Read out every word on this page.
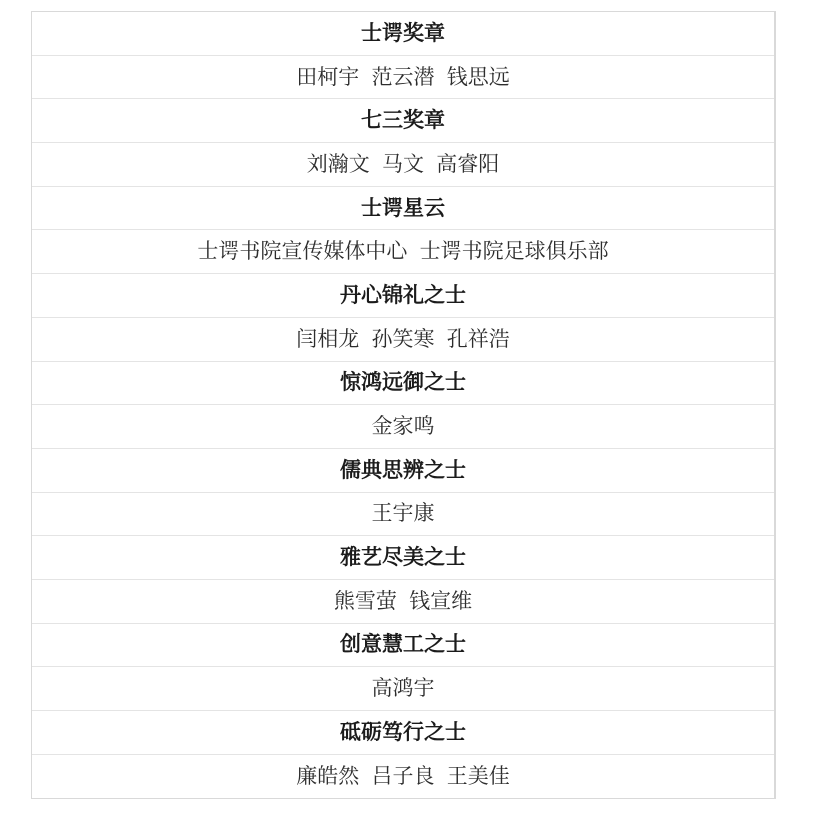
士谔奖章
田柯宇 范云潜 钱思远
七三奖章
刘瀚文 马文 高睿阳
士谔星云
士谔书院宣传媒体中心 士谔书院足球俱乐部
丹心锦礼之士
闫相龙 孙笑寒 孔祥浩
惊鸿远御之士
金家鸣
儒典思辨之士
王宇康
雅艺尽美之士
熊雪萤 钱宣维
创意慧工之士
高鸿宇
砥砺笃行之士
廉皓然 吕子良 王美佳
